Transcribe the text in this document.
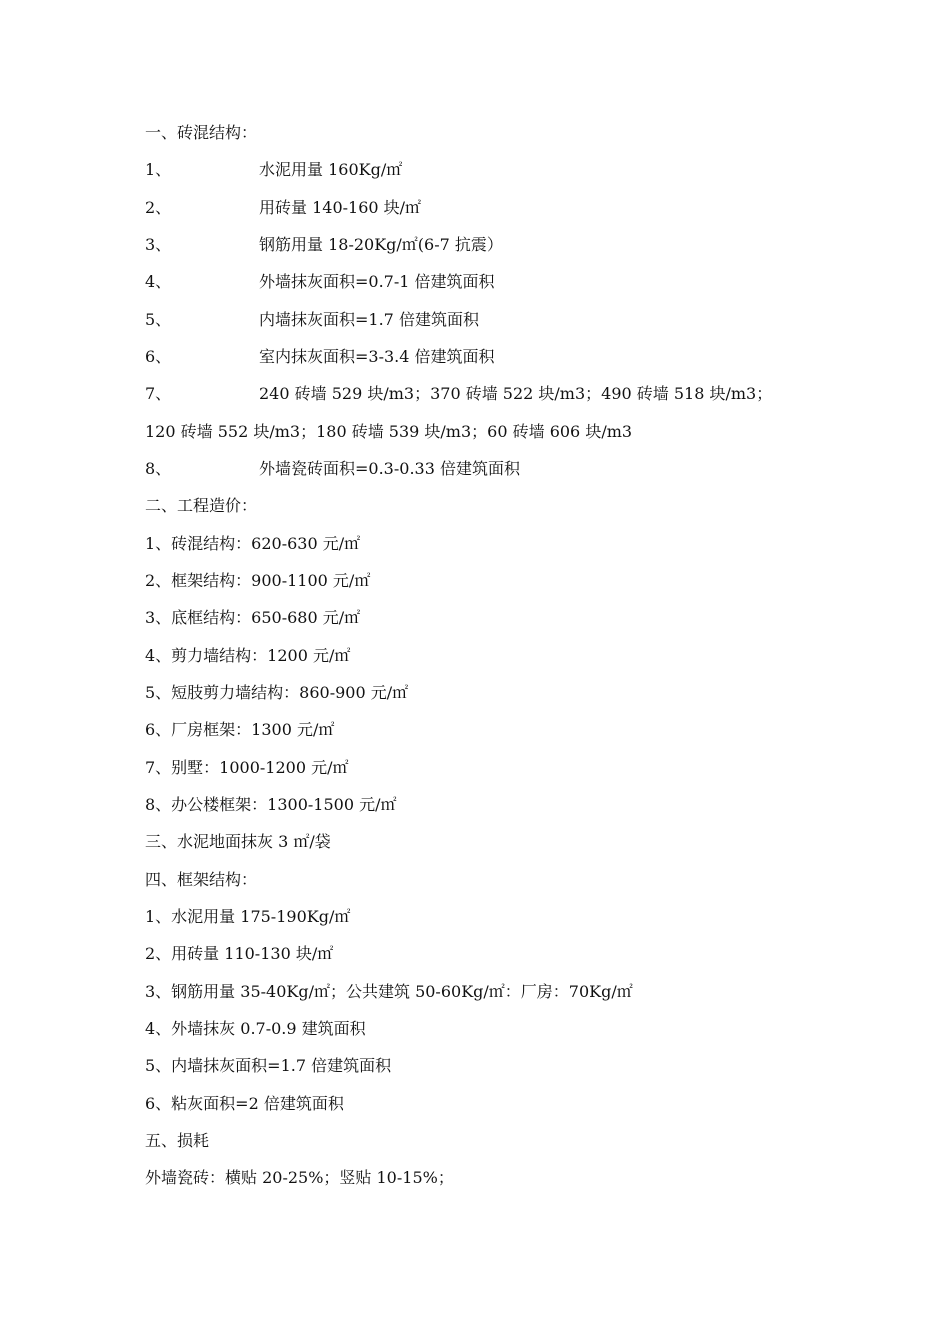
一、砖混结构：
1、	水泥用量 160Kg/㎡
2、	用砖量 140-160 块/㎡
3、	钢筋用量 18-20Kg/㎡(6-7 抗震）
4、	外墙抹灰面积=0.7-1 倍建筑面积
5、	内墙抹灰面积=1.7 倍建筑面积
6、	室内抹灰面积=3-3.4 倍建筑面积
7、	240 砖墙 529 块/m3；370 砖墙 522 块/m3；490 砖墙 518 块/m3；
120 砖墙 552 块/m3；180 砖墙 539 块/m3；60 砖墙 606 块/m3
8、	外墙瓷砖面积=0.3-0.33 倍建筑面积
二、工程造价：
1、砖混结构：620-630 元/㎡
2、框架结构：900-1100 元/㎡
3、底框结构：650-680 元/㎡
4、剪力墙结构：1200 元/㎡
5、短肢剪力墙结构：860-900 元/㎡
6、厂房框架：1300 元/㎡
7、别墅：1000-1200 元/㎡
8、办公楼框架：1300-1500 元/㎡
三、水泥地面抹灰 3 ㎡/袋
四、框架结构：
1、水泥用量 175-190Kg/㎡
2、用砖量 110-130 块/㎡
3、钢筋用量 35-40Kg/㎡；公共建筑 50-60Kg/㎡：厂房：70Kg/㎡
4、外墙抹灰 0.7-0.9 建筑面积
5、内墙抹灰面积=1.7 倍建筑面积
6、粘灰面积=2 倍建筑面积
五、损耗
外墙瓷砖：横贴 20-25%；竖贴 10-15%；
